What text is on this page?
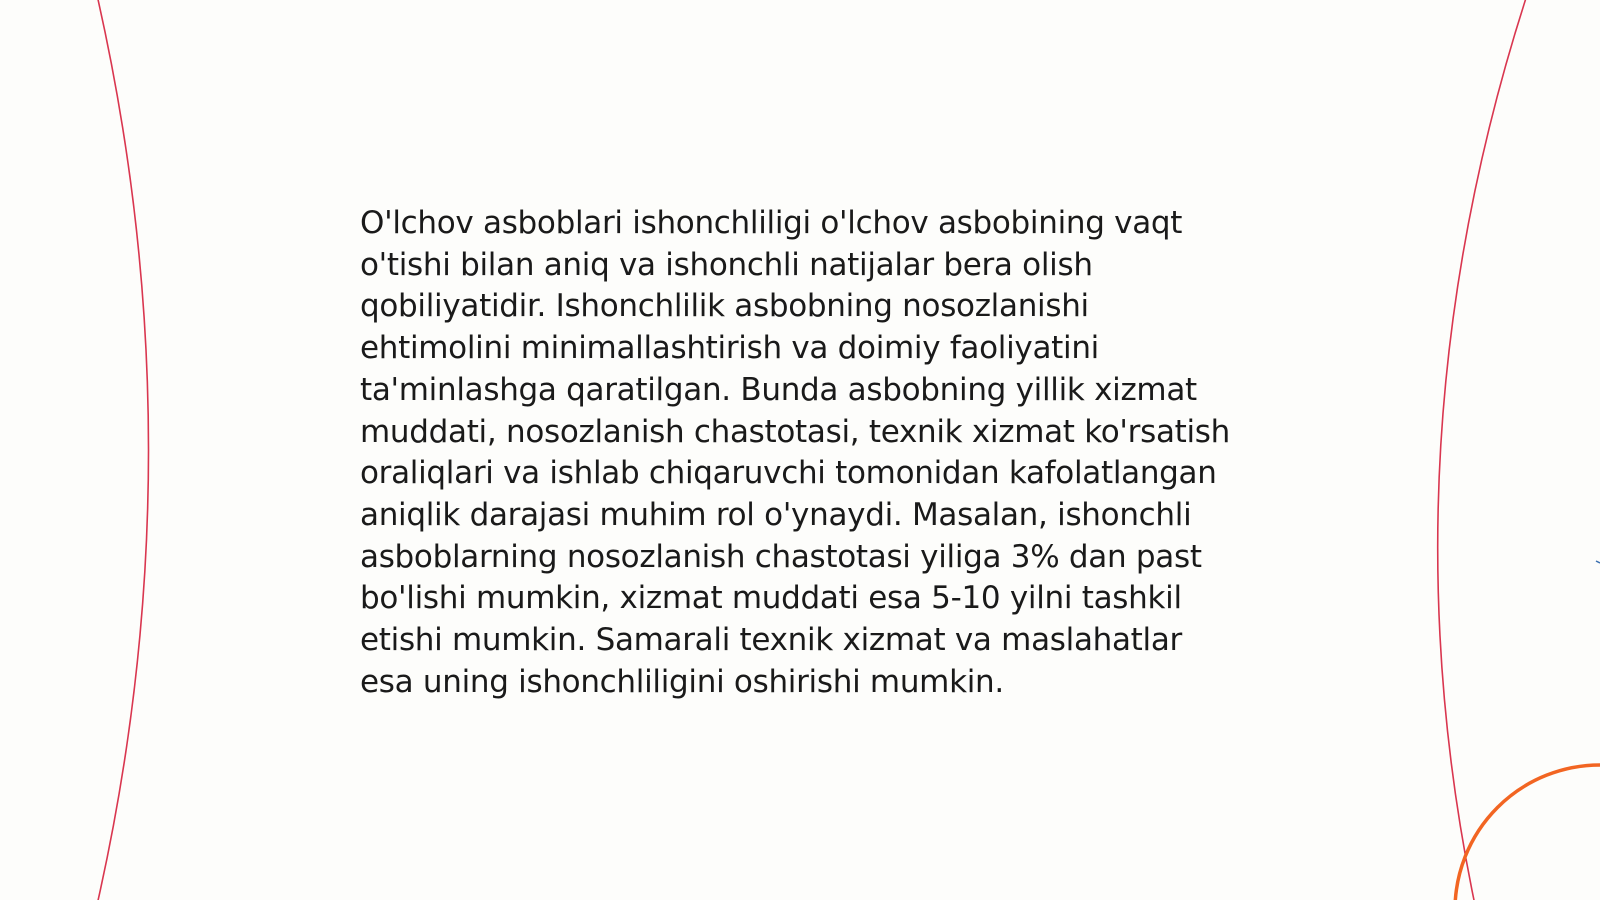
O'lchov asboblari ishonchliligi o'lchov asbobining vaqt o'tishi bilan aniq va ishonchli natijalar bera olish qobiliyatidir. Ishonchlilik asbobning nosozlanishi ehtimolini minimallashtirish va doimiy faoliyatini ta'minlashga qaratilgan. Bunda asbobning yillik xizmat muddati, nosozlanish chastotasi, texnik xizmat ko'rsatish oraliqlari va ishlab chiqaruvchi tomonidan kafolatlangan aniqlik darajasi muhim rol o'ynaydi. Masalan, ishonchli asboblarning nosozlanish chastotasi yiliga 3% dan past bo'lishi mumkin, xizmat muddati esa 5-10 yilni tashkil etishi mumkin. Samarali texnik xizmat va maslahatlar esa uning ishonchliligini oshirishi mumkin.
